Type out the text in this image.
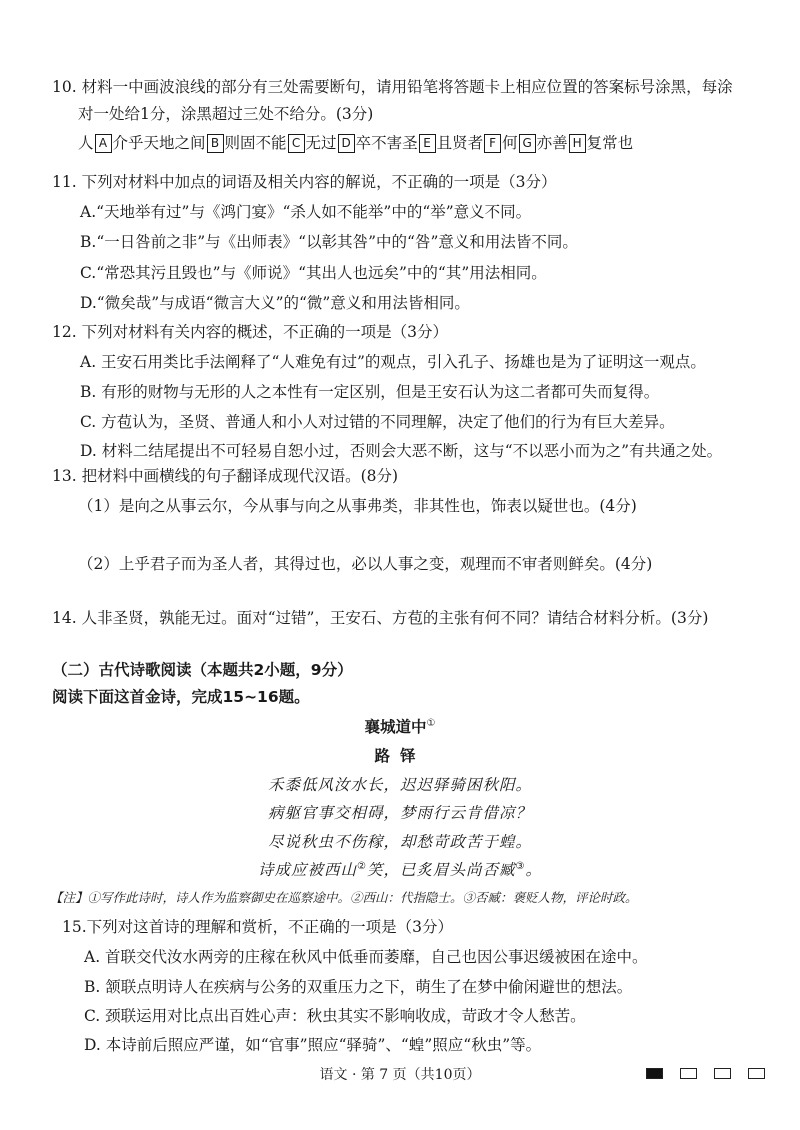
10. 材料一中画波浪线的部分有三处需要断句，请用铅笔将答题卡上相应位置的答案标号涂黑，每涂
对一处给1分，涂黑超过三处不给分。(3分)
人 A 介乎天地之间 B 则固不能 C 无过 D 卒不害圣 E 且贤者 F 何 G 亦善 H 复常也
11. 下列对材料中加点的词语及相关内容的解说，不正确的一项是（3分）
A.“天地举有过”与《鸿门宴》“杀人如不能举”中的“举”意义不同。
B.“一日咎前之非”与《出师表》“以彰其咎”中的“咎”意义和用法皆不同。
C.“常恐其污且毁也”与《师说》“其出人也远矣”中的“其”用法相同。
D.“微矣哉”与成语“微言大义”的“微”意义和用法皆相同。
12. 下列对材料有关内容的概述，不正确的一项是（3分）
A. 王安石用类比手法阐释了“人难免有过”的观点，引入孔子、扬雄也是为了证明这一观点。
B. 有形的财物与无形的人之本性有一定区别，但是王安石认为这二者都可失而复得。
C. 方苞认为，圣贤、普通人和小人对过错的不同理解，决定了他们的行为有巨大差异。
D. 材料二结尾提出不可轻易自恕小过，否则会大恶不断，这与“不以恶小而为之”有共通之处。
13. 把材料中画横线的句子翻译成现代汉语。(8分)
（1）是向之从事云尔，今从事与向之从事弗类，非其性也，饰表以疑世也。(4分)
（2）上乎君子而为圣人者，其得过也，必以人事之变，观理而不审者则鲜矣。(4分)
14. 人非圣贤，孰能无过。面对“过错”，王安石、方苞的主张有何不同？请结合材料分析。(3分)
（二）古代诗歌阅读（本题共2小题，9分）
阅读下面这首金诗，完成15~16题。
襄城道中①
路铎
禾黍低风汝水长，迟迟驿骑困秋阳。
病躯官事交相碍，梦雨行云肯借凉？
尽说秋虫不伤稼，却愁苛政苦于蝗。
诗成应被西山②笑，已炙眉头尚否臧③。
【注】①写作此诗时，诗人作为监察御史在巡察途中。②西山：代指隐士。③否臧：褒贬人物，评论时政。
15.下列对这首诗的理解和赏析，不正确的一项是（3分）
A. 首联交代汝水两旁的庄稼在秋风中低垂而萎靡，自己也因公事迟缓被困在途中。
B. 颔联点明诗人在疾病与公务的双重压力之下，萌生了在梦中偷闲避世的想法。
C. 颈联运用对比点出百姓心声：秋虫其实不影响收成，苛政才令人愁苦。
D. 本诗前后照应严谨，如“官事”照应“驿骑”、“蝗”照应“秋虫”等。
语文 · 第 7 页（共10页）
